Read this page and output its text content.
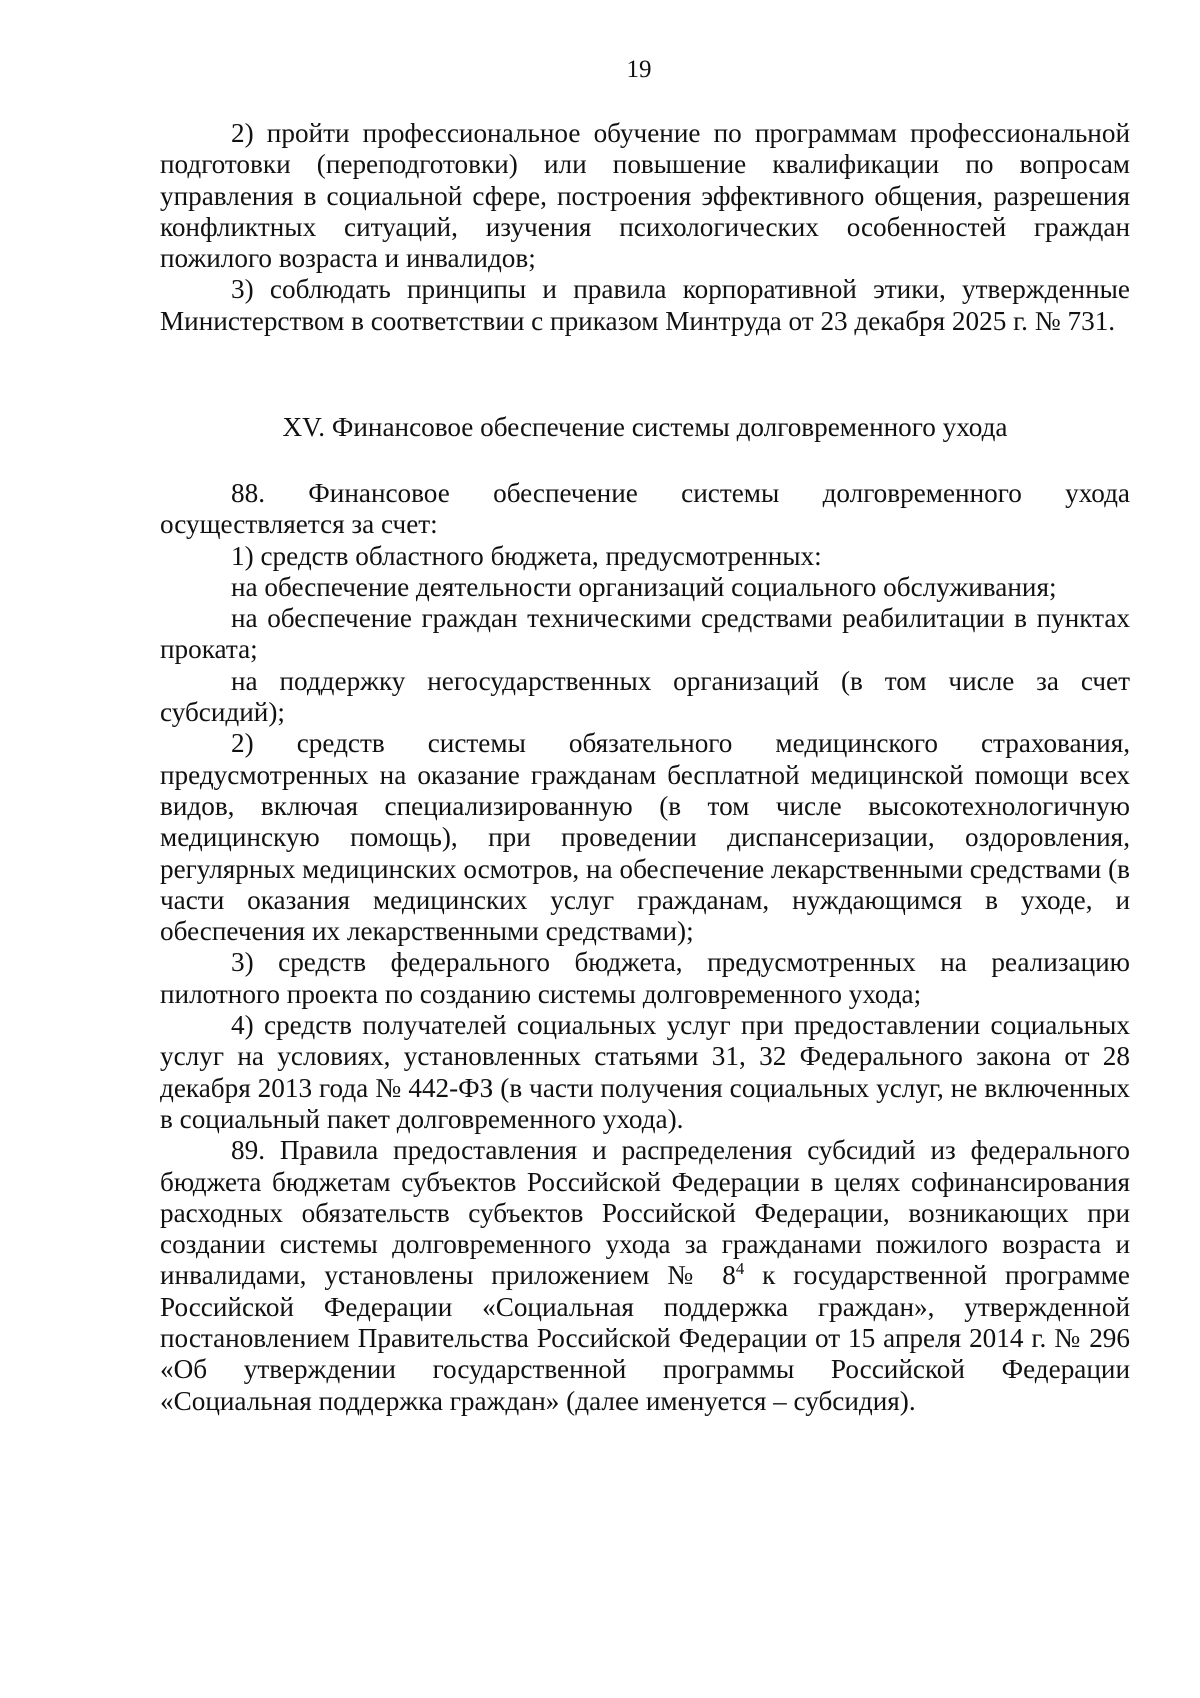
19

2) пройти профессиональное обучение по программам профессиональной подготовки (переподготовки) или повышение квалификации по вопросам управления в социальной сфере, построения эффективного общения, разрешения конфликтных ситуаций, изучения психологических особенностей граждан пожилого возраста и инвалидов;

3) соблюдать принципы и правила корпоративной этики, утвержденные Министерством в соответствии с приказом Минтруда от 23 декабря 2025 г. № 731.

XV. Финансовое обеспечение системы долговременного ухода

88. Финансовое обеспечение системы долговременного ухода осуществляется за счет:

1) средств областного бюджета, предусмотренных:

на обеспечение деятельности организаций социального обслуживания;

на обеспечение граждан техническими средствами реабилитации в пунктах проката;

на поддержку негосударственных организаций (в том числе за счет субсидий);

2) средств системы обязательного медицинского страхования, предусмотренных на оказание гражданам бесплатной медицинской помощи всех видов, включая специализированную (в том числе высокотехнологичную медицинскую помощь), при проведении диспансеризации, оздоровления, регулярных медицинских осмотров, на обеспечение лекарственными средствами (в части оказания медицинских услуг гражданам, нуждающимся в уходе, и обеспечения их лекарственными средствами);

3) средств федерального бюджета, предусмотренных на реализацию пилотного проекта по созданию системы долговременного ухода;

4) средств получателей социальных услуг при предоставлении социальных услуг на условиях, установленных статьями 31, 32 Федерального закона от 28 декабря 2013 года № 442-ФЗ (в части получения социальных услуг, не включенных в социальный пакет долговременного ухода).

89. Правила предоставления и распределения субсидий из федерального бюджета бюджетам субъектов Российской Федерации в целях софинансирования расходных обязательств субъектов Российской Федерации, возникающих при создании системы долговременного ухода за гражданами пожилого возраста и инвалидами, установлены приложением № $8^4$ к государственной программе Российской Федерации «Социальная поддержка граждан», утвержденной постановлением Правительства Российской Федерации от 15 апреля 2014 г. № 296 «Об утверждении государственной программы Российской Федерации «Социальная поддержка граждан» (далее именуется – субсидия).
